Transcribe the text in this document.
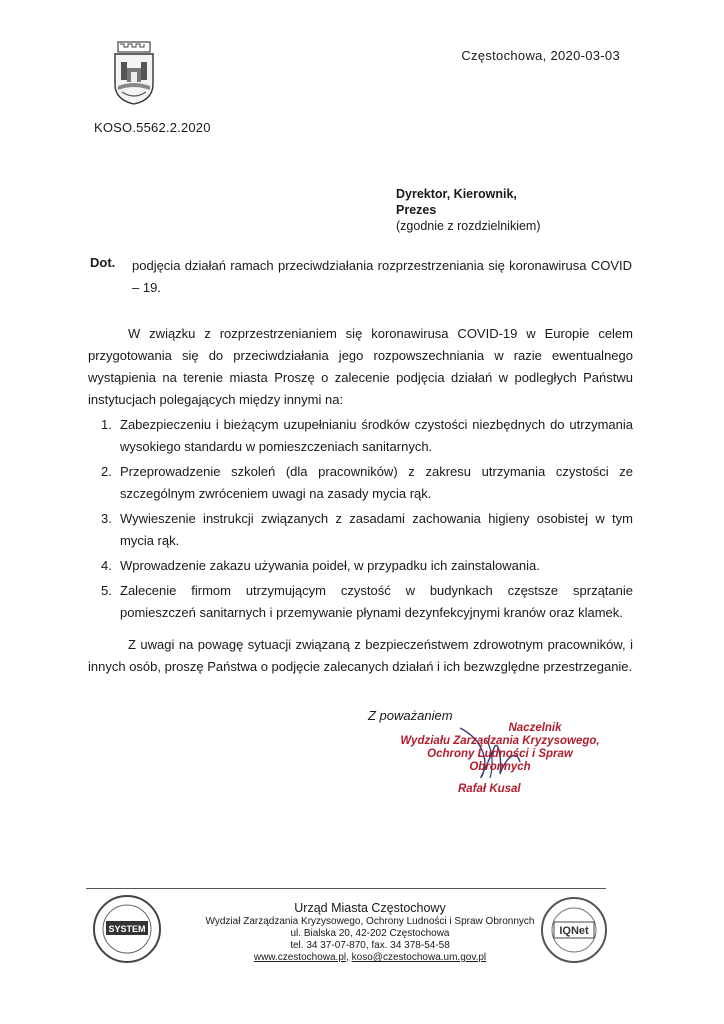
Częstochowa, 2020-03-03
KOSO.5562.2.2020
Dyrektor, Kierownik,
Prezes
(zgodnie z rozdzielnikiem)
Dot. podjęcia działań ramach przeciwdziałania rozprzestrzeniania się koronawirusa COVID – 19.
W związku z rozprzestrzenianiem się koronawirusa COVID-19 w Europie celem przygotowania się do przeciwdziałania jego rozpowszechniania w razie ewentualnego wystąpienia na terenie miasta Proszę o zalecenie podjęcia działań w podległych Państwu instytucjach polegających między innymi na:
1. Zabezpieczeniu i bieżącym uzupełnianiu środków czystości niezbędnych do utrzymania wysokiego standardu w pomieszczeniach sanitarnych.
2. Przeprowadzenie szkoleń (dla pracowników) z zakresu utrzymania czystości ze szczególnym zwróceniem uwagi na zasady mycia rąk.
3. Wywieszenie instrukcji związanych z zasadami zachowania higieny osobistej w tym mycia rąk.
4. Wprowadzenie zakazu używania poideł, w przypadku ich zainstalowania.
5. Zalecenie firmom utrzymującym czystość w budynkach częstsze sprzątanie pomieszczeń sanitarnych i przemywanie płynami dezynfekcyjnymi kranów oraz klamek.
Z uwagi na powagę sytuacji związaną z bezpieczeństwem zdrowotnym pracowników, i innych osób, proszę Państwa o podjęcie zalecanych działań i ich bezwzględne przestrzeganie.
Z poważaniem
Naczelnik
Wydziału Zarządzania Kryzysowego,
Ochrony Ludności i Spraw
Obronnych
Rafał Kusal
SYSTEM
Urząd Miasta Częstochowy
Wydział Zarządzania Kryzysowego, Ochrony Ludności i Spraw Obronnych
ul. Bialska 20, 42-202 Częstochowa
tel. 34 37-07-870, fax. 34 378-54-58
www.czestochowa.pl, koso@czestochowa.um.gov.pl
IQNet
